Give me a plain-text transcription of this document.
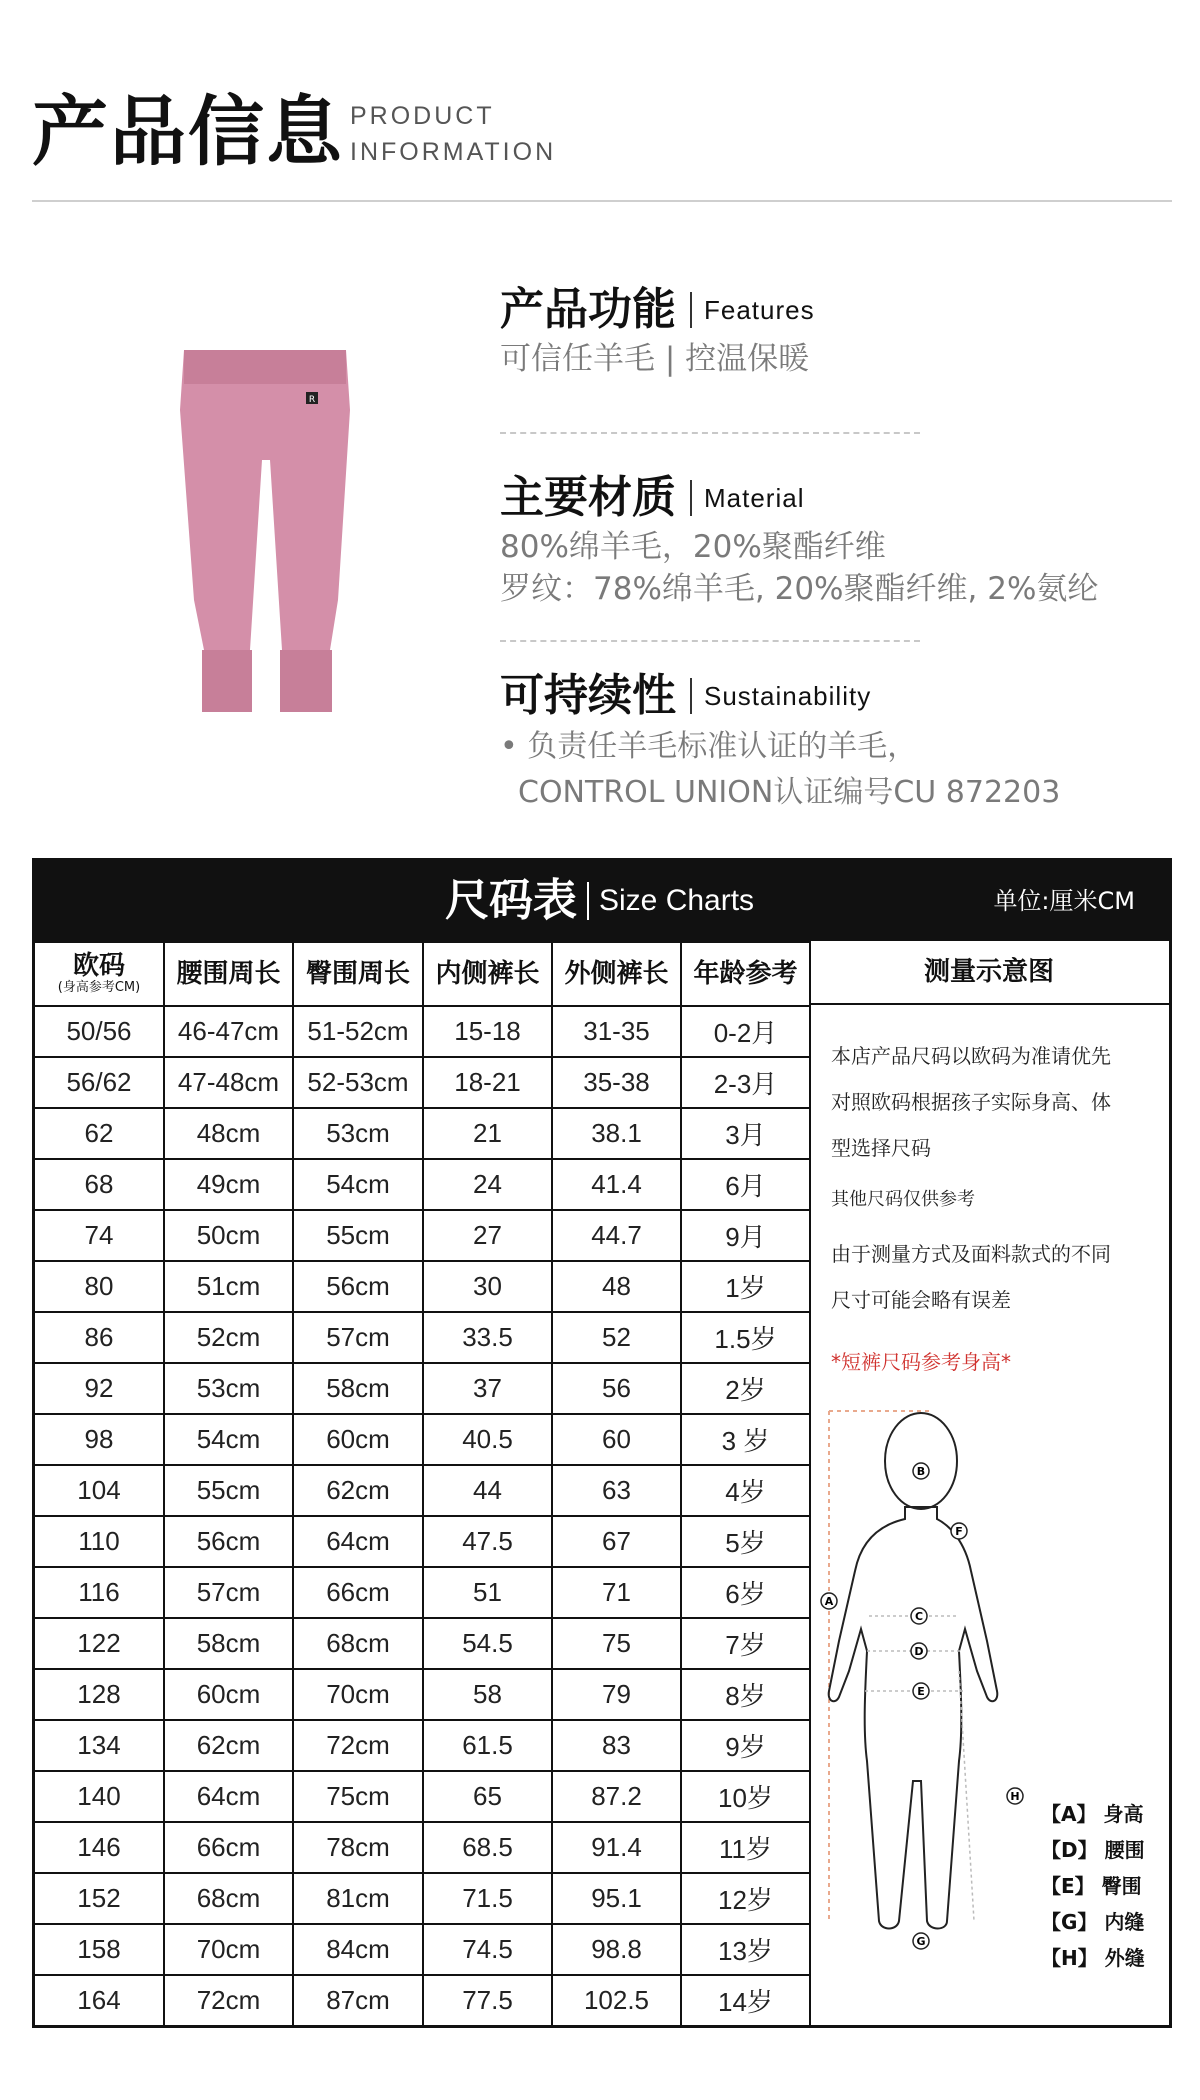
产品信息 PRODUCT
INFORMATION
R
产品功能 Features
可信任羊毛 | 控温保暖
主要材质 Material
80%绵羊毛，20%聚酯纤维
罗纹：78%绵羊毛, 20%聚酯纤维, 2%氨纶
可持续性 Sustainability
• 负责任羊毛标准认证的羊毛，
CONTROL UNION认证编号CU 872203
尺码表 Size Charts	单位:厘米CM
欧码
(身高参考CM)	腰围周长	臀围周长	内侧裤长	外侧裤长	年龄参考
50/56	46-47cm	51-52cm	15-18	31-35	0-2月
56/62	47-48cm	52-53cm	18-21	35-38	2-3月
62	48cm	53cm	21	38.1	3月
68	49cm	54cm	24	41.4	6月
74	50cm	55cm	27	44.7	9月
80	51cm	56cm	30	48	1岁
86	52cm	57cm	33.5	52	1.5岁
92	53cm	58cm	37	56	2岁
98	54cm	60cm	40.5	60	3 岁
104	55cm	62cm	44	63	4岁
110	56cm	64cm	47.5	67	5岁
116	57cm	66cm	51	71	6岁
122	58cm	68cm	54.5	75	7岁
128	60cm	70cm	58	79	8岁
134	62cm	72cm	61.5	83	9岁
140	64cm	75cm	65	87.2	10岁
146	66cm	78cm	68.5	91.4	11岁
152	68cm	81cm	71.5	95.1	12岁
158	70cm	84cm	74.5	98.8	13岁
164	72cm	87cm	77.5	102.5	14岁
测量示意图
本店产品尺码以欧码为准请优先
对照欧码根据孩子实际身高、体
型选择尺码
其他尺码仅供参考
由于测量方式及面料款式的不同
尺寸可能会略有误差
*短裤尺码参考身高*
A
B
C
D
E
F
G
H
【A】 身高
【D】 腰围
【E】 臀围
【G】 内缝
【H】 外缝
